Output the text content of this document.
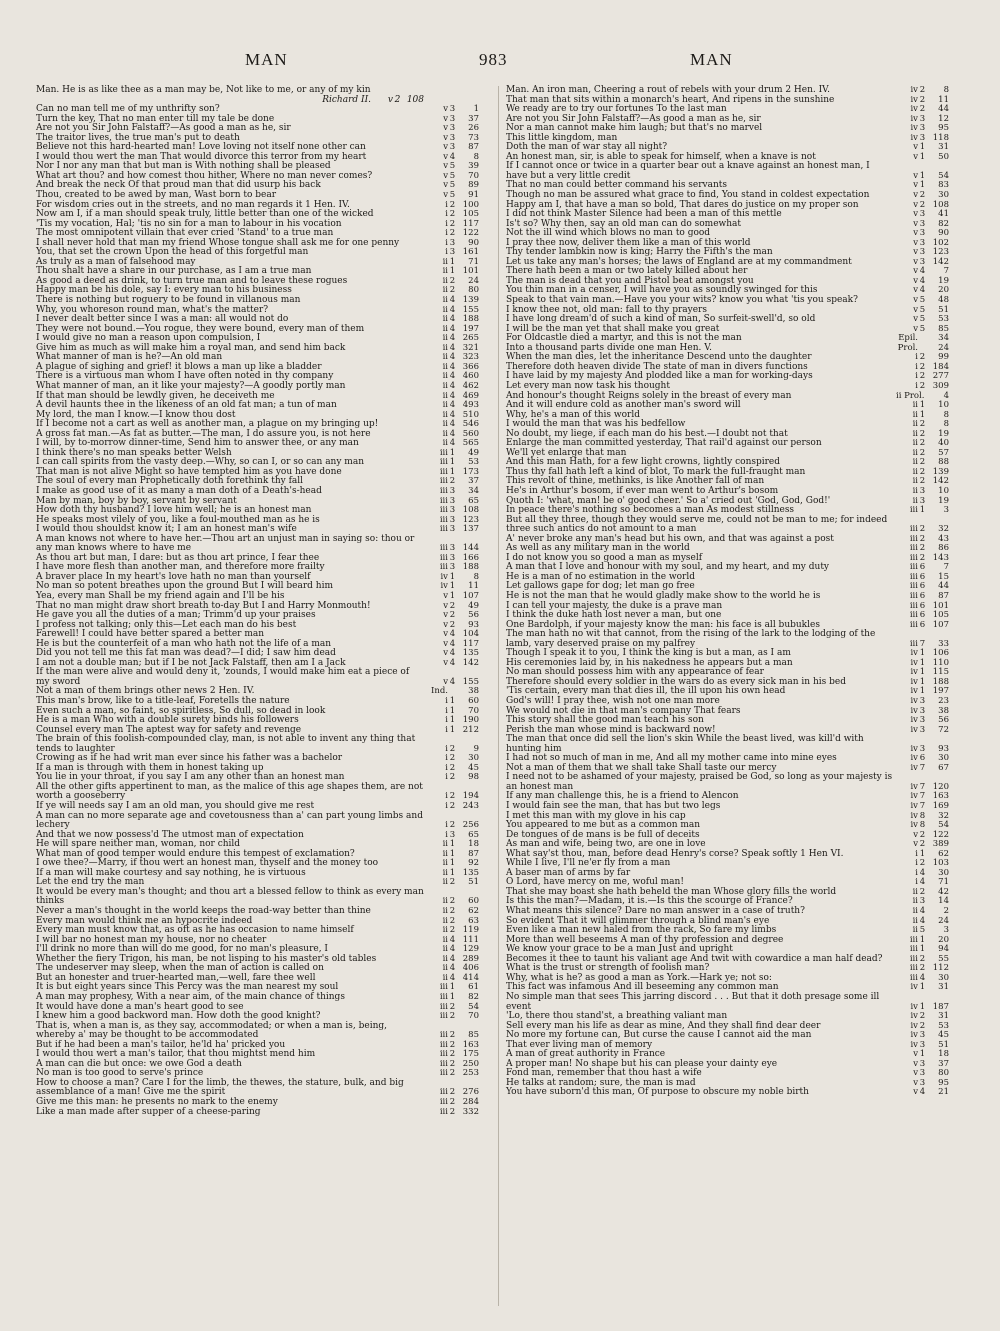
MAN	983	MAN
Man. He is as like thee as a man may be, Not like to me, or any of my kin
Richard II. v 2 108
Can no man tell me of my unthrifty son?	v 3 1
Turn the key, That no man enter till my tale be done	v 3 37
Are not you Sir John Falstaff?—As good a man as he, sir	v 3 26
The traitor lives, the true man's put to death	v 3 73
Believe not this hard-hearted man! Love loving not itself none other can	v 3 87
I would thou wert the man That would divorce this terror from my heart	v 4 8
Nor I nor any man that but man is With nothing shall be pleased	v 5 39
What art thou? and how comest thou hither, Where no man never comes?	v 5 70
And break the neck Of that proud man that did usurp his back	v 5 89
Thou, created to be awed by man, Wast born to bear	v 5 91
For wisdom cries out in the streets, and no man regards it 1 Hen. IV.	i 2 100
Now am I, if a man should speak truly, little better than one of the wicked	i 2 105
'Tis my vocation, Hal; 'tis no sin for a man to labour in his vocation	i 2 117
The most omnipotent villain that ever cried 'Stand' to a true man	i 2 122
I shall never hold that man my friend Whose tongue shall ask me for one penny	i 3 90
You, that set the crown Upon the head of this forgetful man	i 3 161
As truly as a man of falsehood may	ii 1 71
Thou shalt have a share in our purchase, as I am a true man	ii 1 101
As good a deed as drink, to turn true man and to leave these rogues	ii 2 24
Happy man be his dole, say I: every man to his business	ii 2 80
There is nothing but roguery to be found in villanous man	ii 4 139
Why, you whoreson round man, what's the matter?	ii 4 155
I never dealt better since I was a man: all would not do	ii 4 188
They were not bound.—You rogue, they were bound, every man of them	ii 4 197
I would give no man a reason upon compulsion, I	ii 4 265
Give him as much as will make him a royal man, and send him back	ii 4 321
What manner of man is he?—An old man	ii 4 323
A plague of sighing and grief! it blows a man up like a bladder	ii 4 366
There is a virtuous man whom I have often noted in thy company	ii 4 460
What manner of man, an it like your majesty?—A goodly portly man	ii 4 462
If that man should be lewdly given, he deceiveth me	ii 4 469
A devil haunts thee in the likeness of an old fat man; a tun of man	ii 4 493
My lord, the man I know.—I know thou dost	ii 4 510
If I become not a cart as well as another man, a plague on my bringing up!	ii 4 546
A gross fat man.—As fat as butter.—The man, I do assure you, is not here	ii 4 560
I will, by to-morrow dinner-time, Send him to answer thee, or any man	ii 4 565
I think there's no man speaks better Welsh	iii 1 49
I can call spirits from the vasty deep.—Why, so can I, or so can any man	iii 1 53
That man is not alive Might so have tempted him as you have done	iii 1 173
The soul of every man Prophetically doth forethink thy fall	iii 2 37
I make as good use of it as many a man doth of a Death's-head	iii 3 34
Man by man, boy by boy, servant by servant	iii 3 65
How doth thy husband? I love him well; he is an honest man	iii 3 108
He speaks most vilely of you, like a foul-mouthed man as he is	iii 3 123
I would thou shouldst know it; I am an honest man's wife	iii 3 137
A man knows not where to have her.—Thou art an unjust man in saying so: thou or any man knows where to have me	iii 3 144
As thou art but man, I dare: but as thou art prince, I fear thee	iii 3 166
I have more flesh than another man, and therefore more frailty	iii 3 188
A braver place In my heart's love hath no man than yourself	iv 1 8
No man so potent breathes upon the ground But I will beard him	iv 1 11
Yea, every man Shall be my friend again and I'll be his	v 1 107
That no man might draw short breath to-day But I and Harry Monmouth!	v 2 49
He gave you all the duties of a man; Trimm'd up your praises	v 2 56
I profess not talking; only this—Let each man do his best	v 2 93
Farewell! I could have better spared a better man	v 4 104
He is but the counterfeit of a man who hath not the life of a man	v 4 117
Did you not tell me this fat man was dead?—I did; I saw him dead	v 4 135
I am not a double man; but if I be not Jack Falstaff, then am I a Jack	v 4 142
If the man were alive and would deny it, 'zounds, I would make him eat a piece of my sword	v 4 155
Not a man of them brings other news 2 Hen. IV.	Ind. 38
This man's brow, like to a title-leaf, Foretells the nature	i 1 60
Even such a man, so faint, so spiritless, So dull, so dead in look	i 1 70
He is a man Who with a double surety binds his followers	i 1 190
Counsel every man The aptest way for safety and revenge	i 1 212
The brain of this foolish-compounded clay, man, is not able to invent any thing that tends to laughter	i 2 9
Crowing as if he had writ man ever since his father was a bachelor	i 2 30
If a man is through with them in honest taking up	i 2 45
You lie in your throat, if you say I am any other than an honest man	i 2 98
All the other gifts appertinent to man, as the malice of this age shapes them, are not worth a gooseberry	i 2 194
If ye will needs say I am an old man, you should give me rest	i 2 243
A man can no more separate age and covetousness than a' can part young limbs and lechery	i 2 256
And that we now possess'd The utmost man of expectation	i 3 65
He will spare neither man, woman, nor child	ii 1 18
What man of good temper would endure this tempest of exclamation?	ii 1 87
I owe thee?—Marry, if thou wert an honest man, thyself and the money too	ii 1 92
If a man will make courtesy and say nothing, he is virtuous	ii 1 135
Let the end try the man	ii 2 51
It would be every man's thought; and thou art a blessed fellow to think as every man thinks	ii 2 60
Never a man's thought in the world keeps the road-way better than thine	ii 2 62
Every man would think me an hypocrite indeed	ii 2 63
Every man must know that, as oft as he has occasion to name himself	ii 2 119
I will bar no honest man my house, nor no cheater	ii 4 111
I'll drink no more than will do me good, for no man's pleasure, I	ii 4 129
Whether the fiery Trigon, his man, be not lisping to his master's old tables	ii 4 289
The undeserver may sleep, when the man of action is called on	ii 4 406
But an honester and truer-hearted man,—well, fare thee well	ii 4 414
It is but eight years since This Percy was the man nearest my soul	iii 1 61
A man may prophesy, With a near aim, of the main chance of things	iii 1 82
It would have done a man's heart good to see	iii 2 54
I knew him a good backword man. How doth the good knight?	iii 2 70
That is, when a man is, as they say, accommodated; or when a man is, being, whereby a' may be thought to be accommodated	iii 2 85
But if he had been a man's tailor, he'ld ha' pricked you	iii 2 163
I would thou wert a man's tailor, that thou mightst mend him	iii 2 175
A man can die but once: we owe God a death	iii 2 250
No man is too good to serve's prince	iii 2 253
How to choose a man? Care I for the limb, the thewes, the stature, bulk, and big assemblance of a man! Give me the spirit	iii 2 276
Give me this man: he presents no mark to the enemy	iii 2 284
Like a man made after supper of a cheese-paring	iii 2 332
Man. An iron man, Cheering a rout of rebels with your drum 2 Hen. IV.	iv 2 8
That man that sits within a monarch's heart, And ripens in the sunshine	iv 2 11
We ready are to try our fortunes To the last man	iv 2 44
Are not you Sir John Falstaff?—As good a man as he, sir	iv 3 12
Nor a man cannot make him laugh; but that's no marvel	iv 3 95
This little kingdom, man	iv 3 118
Doth the man of war stay all night?	v 1 31
An honest man, sir, is able to speak for himself, when a knave is not	v 1 50
If I cannot once or twice in a quarter bear out a knave against an honest man, I have but a very little credit	v 1 54
That no man could better command his servants	v 1 83
Though no man be assured what grace to find, You stand in coldest expectation	v 2 30
Happy am I, that have a man so bold, That dares do justice on my proper son	v 2 108
I did not think Master Silence had been a man of this mettle	v 3 41
Is't so? Why then, say an old man can do somewhat	v 3 82
Not the ill wind which blows no man to good	v 3 90
I pray thee now, deliver them like a man of this world	v 3 102
Thy tender lambkin now is king; Harry the Fifth's the man	v 3 123
Let us take any man's horses; the laws of England are at my commandment	v 3 142
There hath been a man or two lately killed about her	v 4 7
The man is dead that you and Pistol beat amongst you	v 4 19
You thin man in a censer, I will have you as soundly swinged for this	v 4 20
Speak to that vain man.—Have you your wits? know you what 'tis you speak?	v 5 48
I know thee not, old man: fall to thy prayers	v 5 51
I have long dream'd of such a kind of man, So surfeit-swell'd, so old	v 5 53
I will be the man yet that shall make you great	v 5 85
For Oldcastle died a martyr, and this is not the man	Epil. 34
Into a thousand parts divide one man Hen. V.	Prol. 24
When the man dies, let the inheritance Descend unto the daughter	i 2 99
Therefore doth heaven divide The state of man in divers functions	i 2 184
I have laid by my majesty And plodded like a man for working-days	i 2 277
Let every man now task his thought	i 2 309
And honour's thought Reigns solely in the breast of every man	ii Prol. 4
And it will endure cold as another man's sword will	ii 1 10
Why, he's a man of this world	ii 1 8
I would the man that was his bedfellow	ii 2 8
No doubt, my liege, if each man do his best.—I doubt not that	ii 2 19
Enlarge the man committed yesterday, That rail'd against our person	ii 2 40
We'll yet enlarge that man	ii 2 57
And this man Hath, for a few light crowns, lightly conspired	ii 2 88
Thus thy fall hath left a kind of blot, To mark the full-fraught man	ii 2 139
This revolt of thine, methinks, is like Another fall of man	ii 2 142
He's in Arthur's bosom, if ever man went to Arthur's bosom	ii 3 10
Quoth I: 'what, man! be o' good cheer.' So a' cried out 'God, God, God!'	ii 3 19
In peace there's nothing so becomes a man As modest stillness	iii 1 3
But all they three, though they would serve me, could not be man to me; for indeed three such antics do not amount to a man	iii 2 32
A' never broke any man's head but his own, and that was against a post	iii 2 43
As well as any military man in the world	iii 2 86
I do not know you so good a man as myself	iii 2 143
A man that I love and honour with my soul, and my heart, and my duty	iii 6 7
He is a man of no estimation in the world	iii 6 15
Let gallows gape for dog; let man go free	iii 6 44
He is not the man that he would gladly make show to the world he is	iii 6 87
I can tell your majesty, the duke is a prave man	iii 6 101
I think the duke hath lost never a man, but one	iii 6 105
One Bardolph, if your majesty know the man: his face is all bubukles	iii 6 107
The man hath no wit that cannot, from the rising of the lark to the lodging of the lamb, vary deserved praise on my palfrey	iii 7 33
Though I speak it to you, I think the king is but a man, as I am	iv 1 106
His ceremonies laid by, in his nakedness he appears but a man	iv 1 110
No man should possess him with any appearance of fear	iv 1 115
Therefore should every soldier in the wars do as every sick man in his bed	iv 1 188
'Tis certain, every man that dies ill, the ill upon his own head	iv 1 197
God's will! I pray thee, wish not one man more	iv 3 23
We would not die in that man's company That fears	iv 3 38
This story shall the good man teach his son	iv 3 56
Perish the man whose mind is backward now!	iv 3 72
The man that once did sell the lion's skin While the beast lived, was kill'd with hunting him	iv 3 93
I had not so much of man in me, And all my mother came into mine eyes	iv 6 30
Not a man of them that we shall take Shall taste our mercy	iv 7 67
I need not to be ashamed of your majesty, praised be God, so long as your majesty is an honest man	iv 7 120
If any man challenge this, he is a friend to Alencon	iv 7 163
I would fain see the man, that has but two legs	iv 7 169
I met this man with my glove in his cap	iv 8 32
You appeared to me but as a common man	iv 8 54
De tongues of de mans is be full of deceits	v 2 122
As man and wife, being two, are one in love	v 2 389
What say'st thou, man, before dead Henry's corse? Speak softly 1 Hen VI.	i 1 62
While I live, I'll ne'er fly from a man	i 2 103
A baser man of arms by far	i 4 30
O Lord, have mercy on me, woful man!	i 4 71
That she may boast she hath beheld the man Whose glory fills the world	ii 2 42
Is this the man?—Madam, it is.—Is this the scourge of France?	ii 3 14
What means this silence? Dare no man answer in a case of truth?	ii 4 2
So evident That it will glimmer through a blind man's eye	ii 4 24
Even like a man new haled from the rack, So fare my limbs	ii 5 3
More than well beseems A man of thy profession and degree	iii 1 20
We know your grace to be a man Just and upright	iii 1 94
Becomes it thee to taunt his valiant age And twit with cowardice a man half dead?	iii 2 55
What is the trust or strength of foolish man?	iii 2 112
Why, what is he? as good a man as York.—Hark ye; not so:	iii 4 30
This fact was infamous And ill beseeming any common man	iv 1 31
No simple man that sees This jarring discord . . . But that it doth presage some ill event	iv 1 187
'Lo, there thou stand'st, a breathing valiant man	iv 2 31
Sell every man his life as dear as mine, And they shall find dear deer	iv 2 53
No more my fortune can, But curse the cause I cannot aid the man	iv 3 45
That ever living man of memory	iv 3 51
A man of great authority in France	v 1 18
A proper man! No shape but his can please your dainty eye	v 3 37
Fond man, remember that thou hast a wife	v 3 80
He talks at random; sure, the man is mad	v 3 95
You have suborn'd this man, Of purpose to obscure my noble birth	v 4 21
